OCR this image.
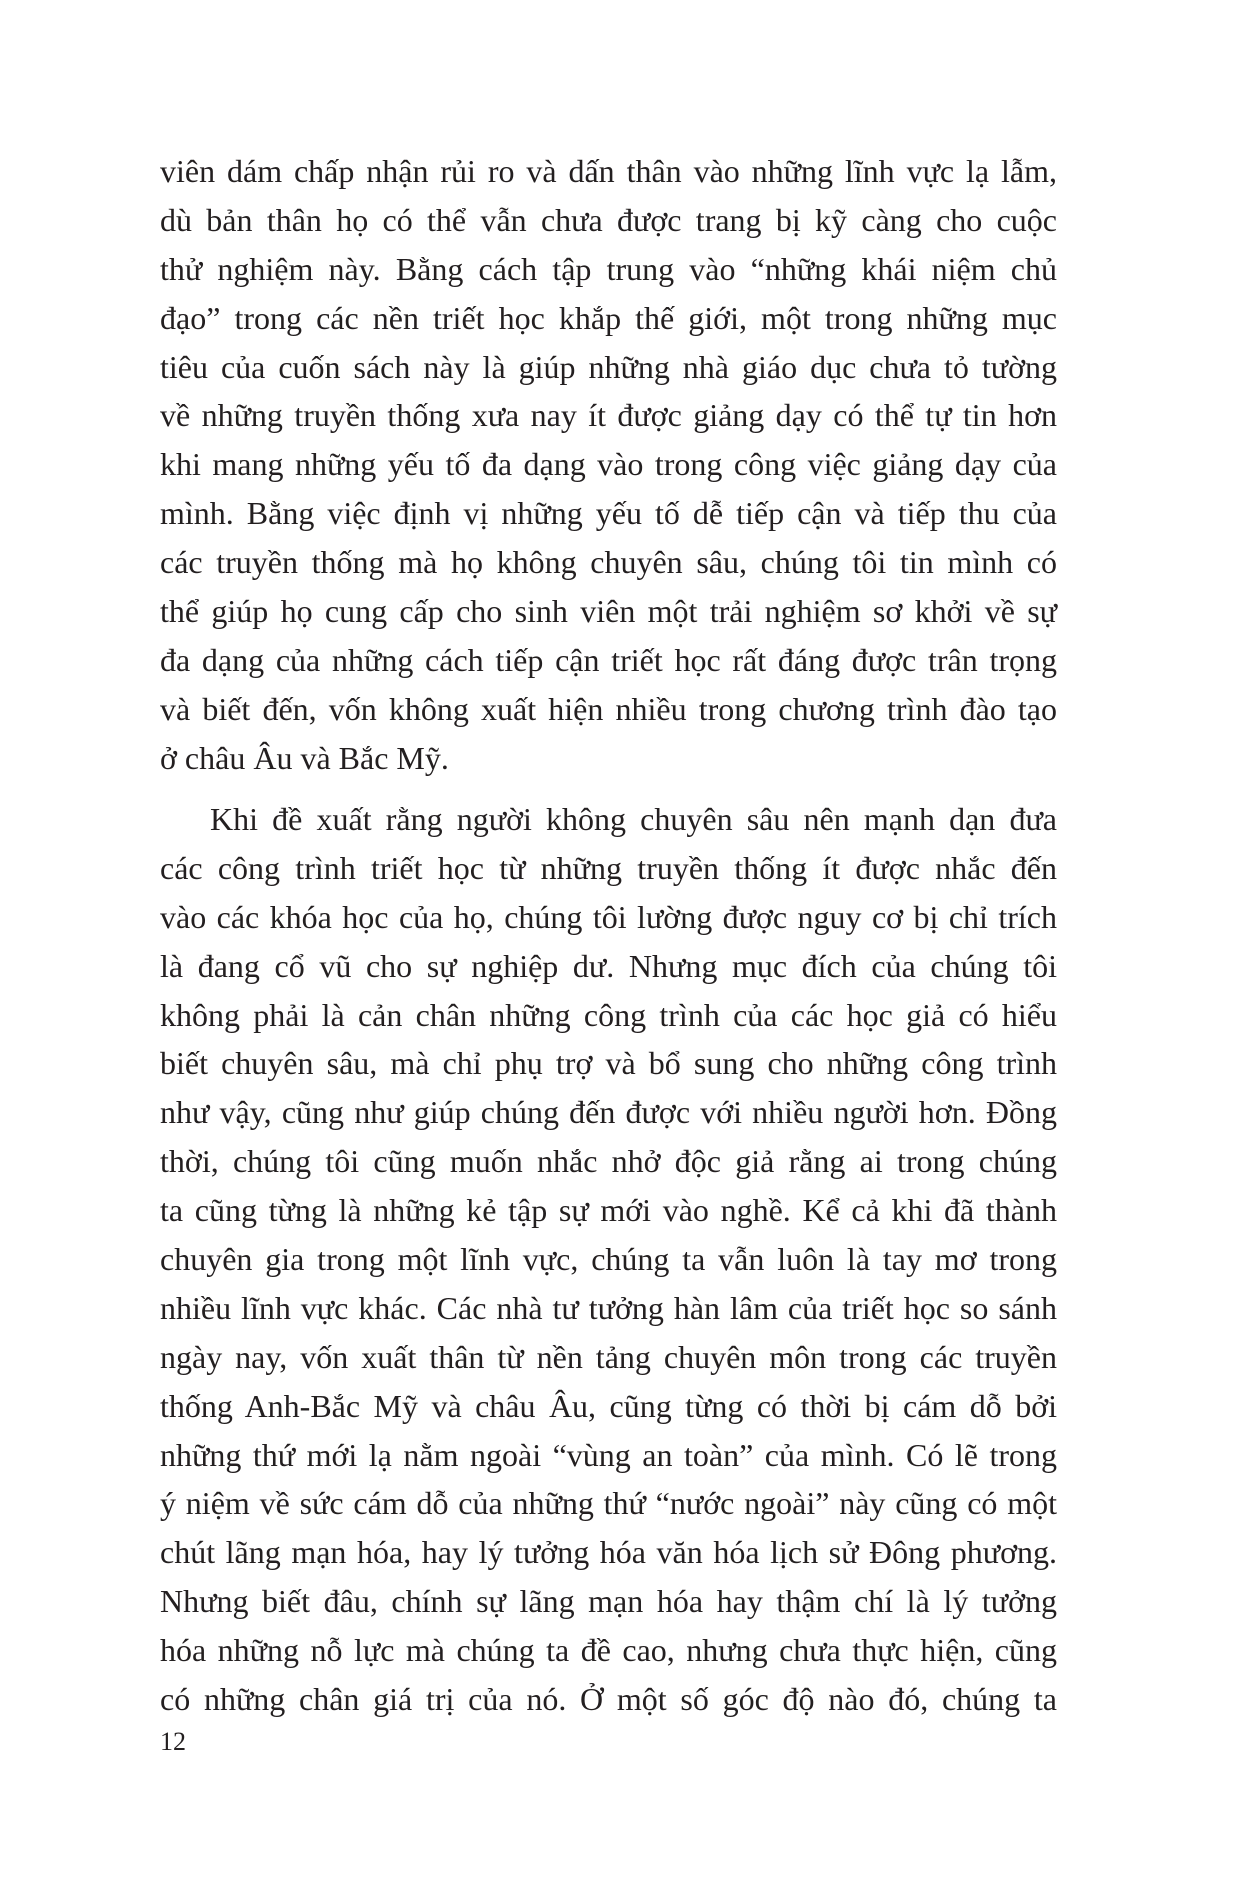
viên dám chấp nhận rủi ro và dấn thân vào những lĩnh vực lạ lẫm,
dù bản thân họ có thể vẫn chưa được trang bị kỹ càng cho cuộc
thử nghiệm này. Bằng cách tập trung vào “những khái niệm chủ
đạo” trong các nền triết học khắp thế giới, một trong những mục
tiêu của cuốn sách này là giúp những nhà giáo dục chưa tỏ tường
về những truyền thống xưa nay ít được giảng dạy có thể tự tin hơn
khi mang những yếu tố đa dạng vào trong công việc giảng dạy của
mình. Bằng việc định vị những yếu tố dễ tiếp cận và tiếp thu của
các truyền thống mà họ không chuyên sâu, chúng tôi tin mình có
thể giúp họ cung cấp cho sinh viên một trải nghiệm sơ khởi về sự
đa dạng của những cách tiếp cận triết học rất đáng được trân trọng
và biết đến, vốn không xuất hiện nhiều trong chương trình đào tạo
ở châu Âu và Bắc Mỹ.
Khi đề xuất rằng người không chuyên sâu nên mạnh dạn đưa
các công trình triết học từ những truyền thống ít được nhắc đến
vào các khóa học của họ, chúng tôi lường được nguy cơ bị chỉ trích
là đang cổ vũ cho sự nghiệp dư. Nhưng mục đích của chúng tôi
không phải là cản chân những công trình của các học giả có hiểu
biết chuyên sâu, mà chỉ phụ trợ và bổ sung cho những công trình
như vậy, cũng như giúp chúng đến được với nhiều người hơn. Đồng
thời, chúng tôi cũng muốn nhắc nhở độc giả rằng ai trong chúng
ta cũng từng là những kẻ tập sự mới vào nghề. Kể cả khi đã thành
chuyên gia trong một lĩnh vực, chúng ta vẫn luôn là tay mơ trong
nhiều lĩnh vực khác. Các nhà tư tưởng hàn lâm của triết học so sánh
ngày nay, vốn xuất thân từ nền tảng chuyên môn trong các truyền
thống Anh-Bắc Mỹ và châu Âu, cũng từng có thời bị cám dỗ bởi
những thứ mới lạ nằm ngoài “vùng an toàn” của mình. Có lẽ trong
ý niệm về sức cám dỗ của những thứ “nước ngoài” này cũng có một
chút lãng mạn hóa, hay lý tưởng hóa văn hóa lịch sử Đông phương.
Nhưng biết đâu, chính sự lãng mạn hóa hay thậm chí là lý tưởng
hóa những nỗ lực mà chúng ta đề cao, nhưng chưa thực hiện, cũng
có những chân giá trị của nó. Ở một số góc độ nào đó, chúng ta
12
